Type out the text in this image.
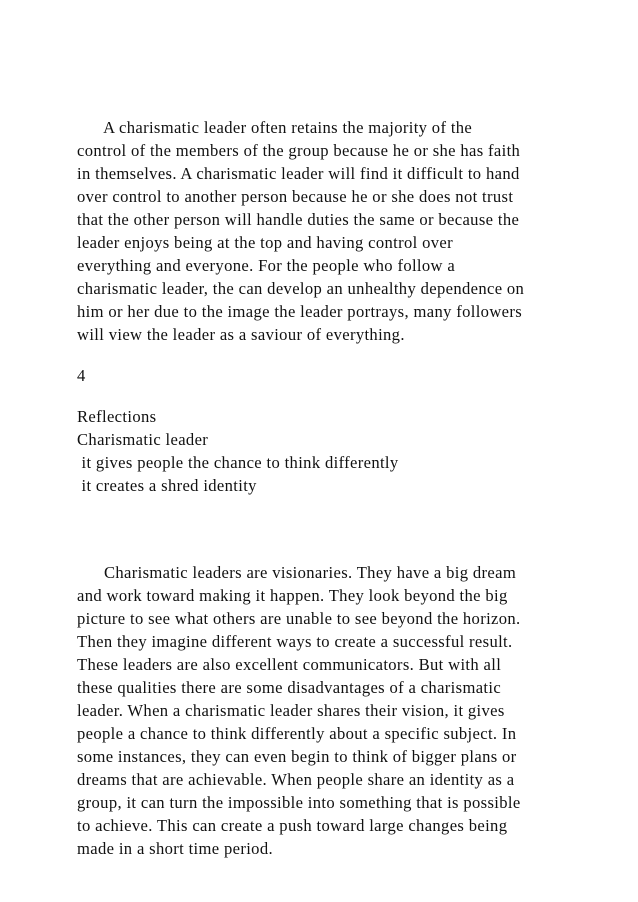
A charismatic leader often retains the majority of the
control of the members of the group because he or she has faith
in themselves. A charismatic leader will find it difficult to hand
over control to another person because he or she does not trust
that the other person will handle duties the same or because the
leader enjoys being at the top and having control over
everything and everyone. For the people who follow a
charismatic leader, the can develop an unhealthy dependence on
him or her due to the image the leader portrays, many followers
will view the leader as a saviour of everything.
4
Reflections
Charismatic leader
it gives people the chance to think differently
it creates a shred identity
Charismatic leaders are visionaries. They have a big dream
and work toward making it happen. They look beyond the big
picture to see what others are unable to see beyond the horizon.
Then they imagine different ways to create a successful result.
These leaders are also excellent communicators. But with all
these qualities there are some disadvantages of a charismatic
leader. When a charismatic leader shares their vision, it gives
people a chance to think differently about a specific subject. In
some instances, they can even begin to think of bigger plans or
dreams that are achievable. When people share an identity as a
group, it can turn the impossible into something that is possible
to achieve. This can create a push toward large changes being
made in a short time period.
